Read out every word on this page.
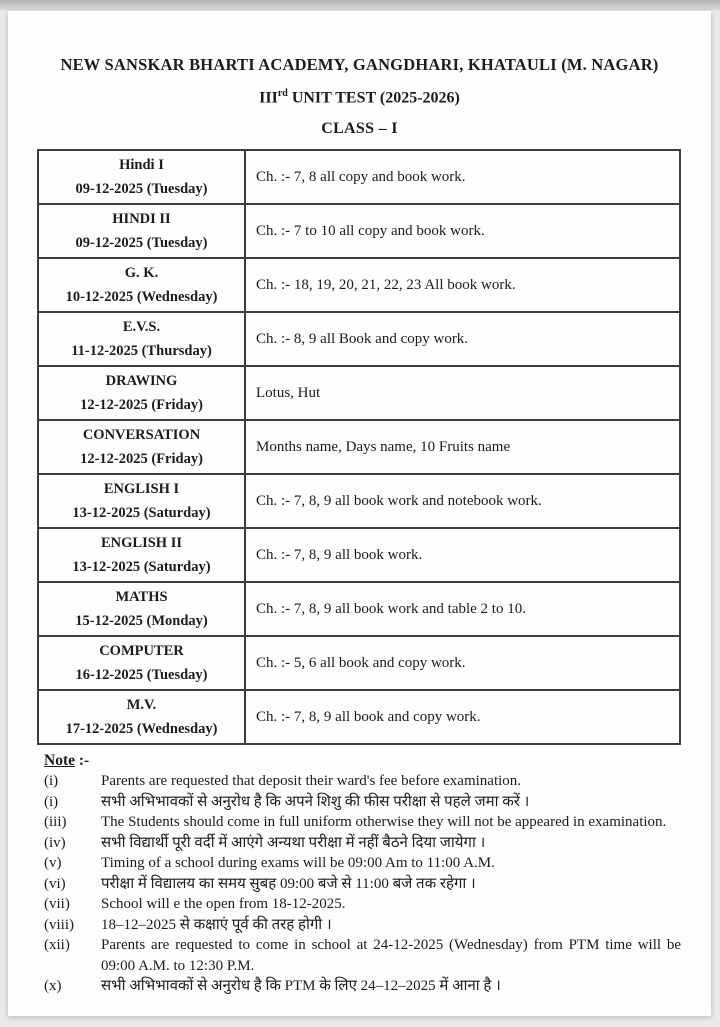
NEW SANSKAR BHARTI ACADEMY, GANGDHARI, KHATAULI (M. NAGAR)
IIIrd UNIT TEST (2025-2026)
CLASS – I
Hindi I
09-12-2025 (Tuesday)	Ch. :- 7, 8 all copy and book work.

HINDI II
09-12-2025 (Tuesday)	Ch. :- 7 to 10 all copy and book work.

G. K.
10-12-2025 (Wednesday)	Ch. :- 18, 19, 20, 21, 22, 23 All book work.

E.V.S.
11-12-2025 (Thursday)	Ch. :- 8, 9 all Book and copy work.

DRAWING
12-12-2025 (Friday)	Lotus, Hut

CONVERSATION
12-12-2025 (Friday)	Months name, Days name, 10 Fruits name

ENGLISH I
13-12-2025 (Saturday)	Ch. :- 7, 8, 9 all book work and notebook work.

ENGLISH II
13-12-2025 (Saturday)	Ch. :- 7, 8, 9 all book work.

MATHS
15-12-2025 (Monday)	Ch. :- 7, 8, 9 all book work and table 2 to 10.

COMPUTER
16-12-2025 (Tuesday)	Ch. :- 5, 6 all book and copy work.

M.V.
17-12-2025 (Wednesday)	Ch. :- 7, 8, 9 all book and copy work.
Note :-
(i)	Parents are requested that deposit their ward's fee before examination.
(i)	सभी अभिभावकों से अनुरोध है कि अपने शिशु की फीस परीक्षा से पहले जमा करें ।
(iii)	The Students should come in full uniform otherwise they will not be appeared in examination.
(iv)	सभी विद्यार्थी पूरी वर्दी में आएंगे अन्यथा परीक्षा में नहीं बैठने दिया जायेगा ।
(v)	Timing of a school during exams will be 09:00 Am to 11:00 A.M.
(vi)	परीक्षा में विद्यालय का समय सुबह 09:00 बजे से 11:00 बजे तक रहेगा ।
(vii)	School will e the open from 18-12-2025.
(viii)	18–12–2025 से कक्षाएं पूर्व की तरह होगी ।
(xii)	Parents are requested to come in school at 24-12-2025 (Wednesday) from PTM time will be 09:00 A.M. to 12:30 P.M.
(x)	सभी अभिभावकों से अनुरोध है कि PTM के लिए 24–12–2025 में आना है ।
